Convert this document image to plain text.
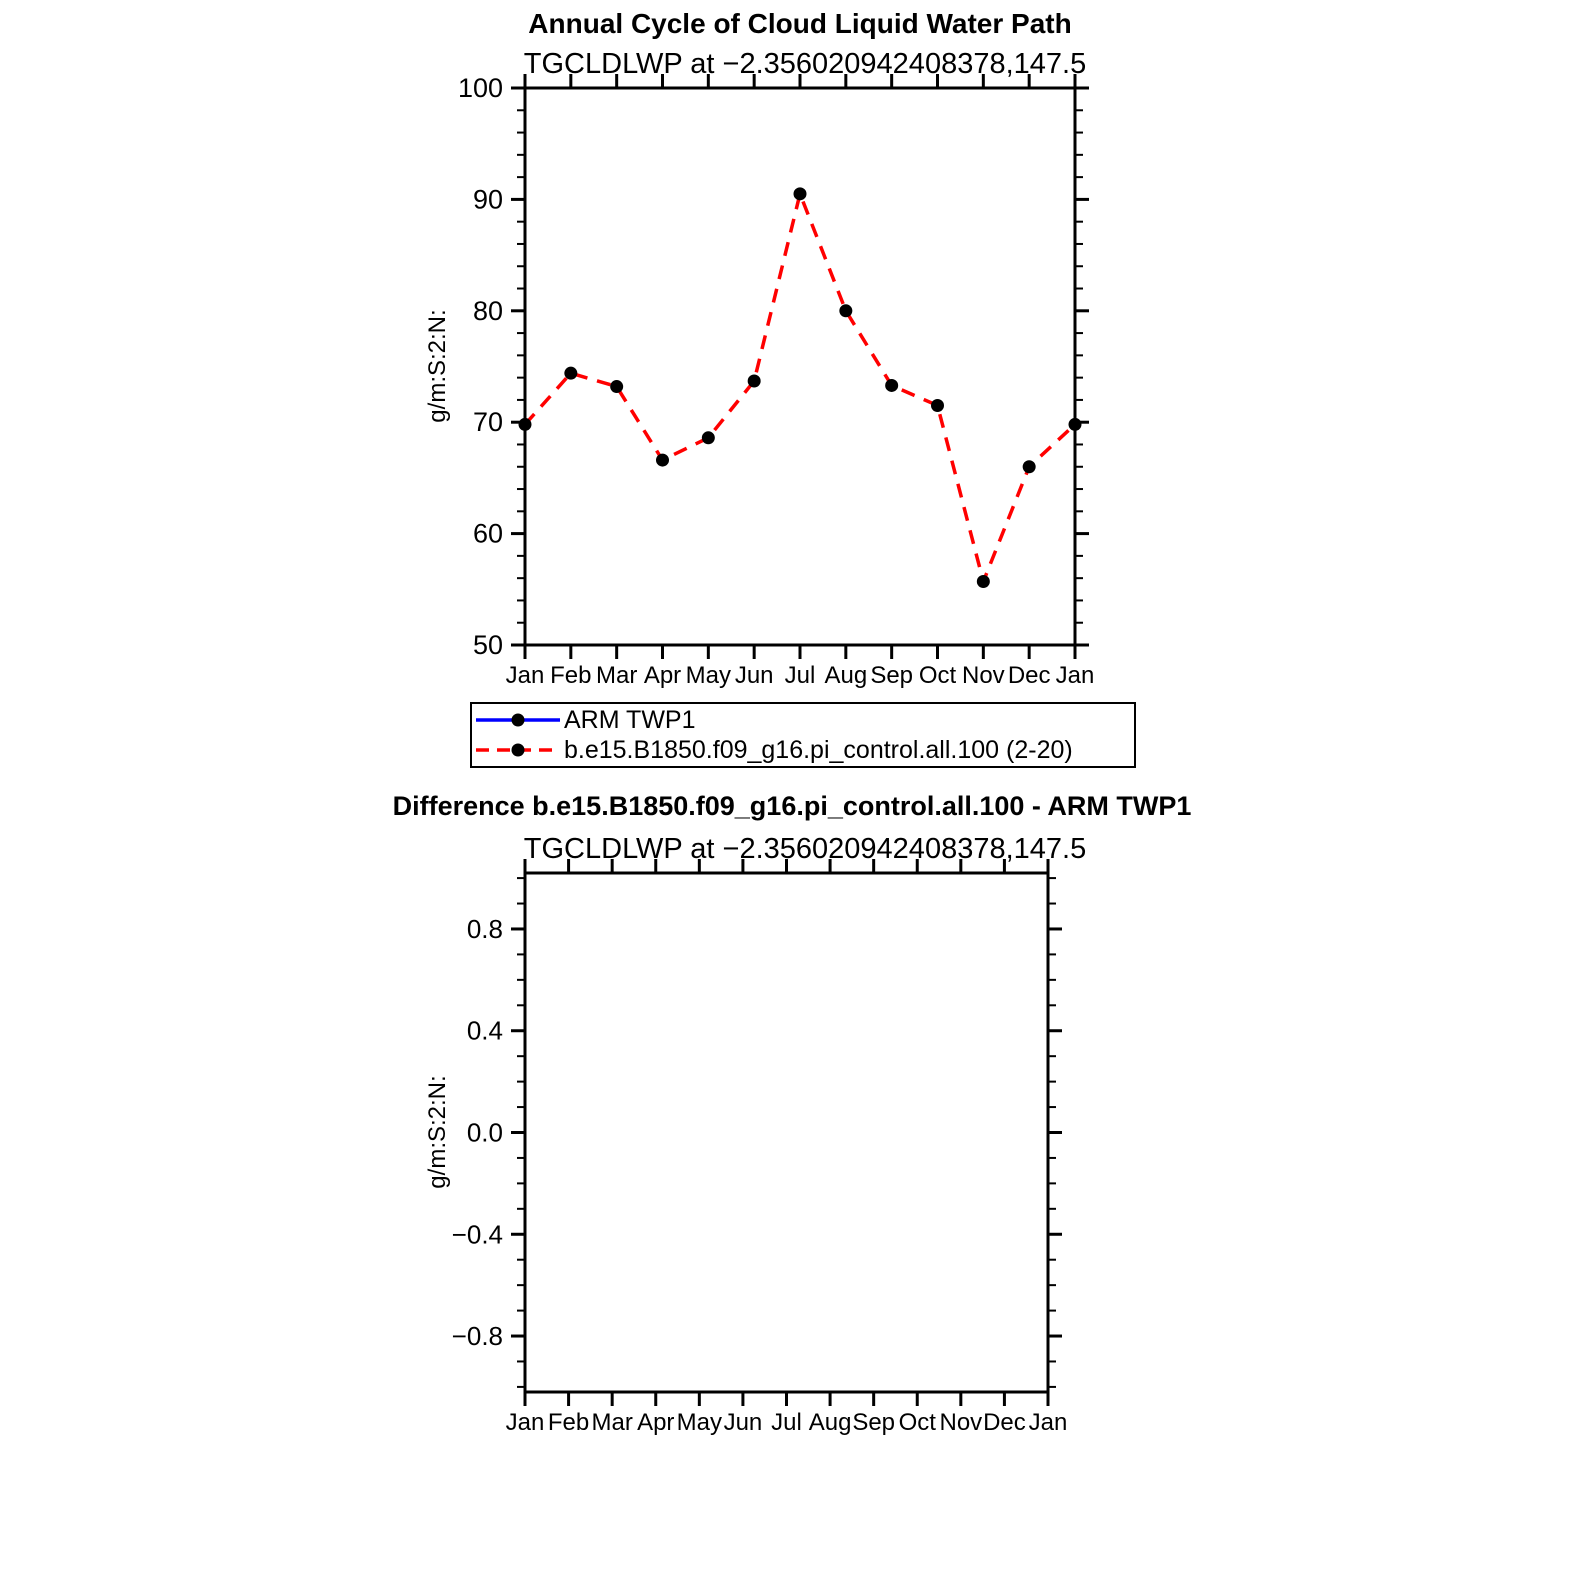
50
60
70
80
90
100
Jan Feb Mar Apr May Jun Jul Aug Sep Oct Nov Dec Jan
−0.8
−0.4
0.0
0.4
0.8
Jan Feb Mar Apr May Jun Jul Aug Sep Oct Nov Dec Jan
Annual Cycle of Cloud Liquid Water Path
TGCLDLWP at −2.356020942408378,147.5
g/m:S:2:N:
ARM TWP1
b.e15.B1850.f09_g16.pi_control.all.100 (2-20)
Difference b.e15.B1850.f09_g16.pi_control.all.100 - ARM TWP1
TGCLDLWP at −2.356020942408378,147.5
g/m:S:2:N:
